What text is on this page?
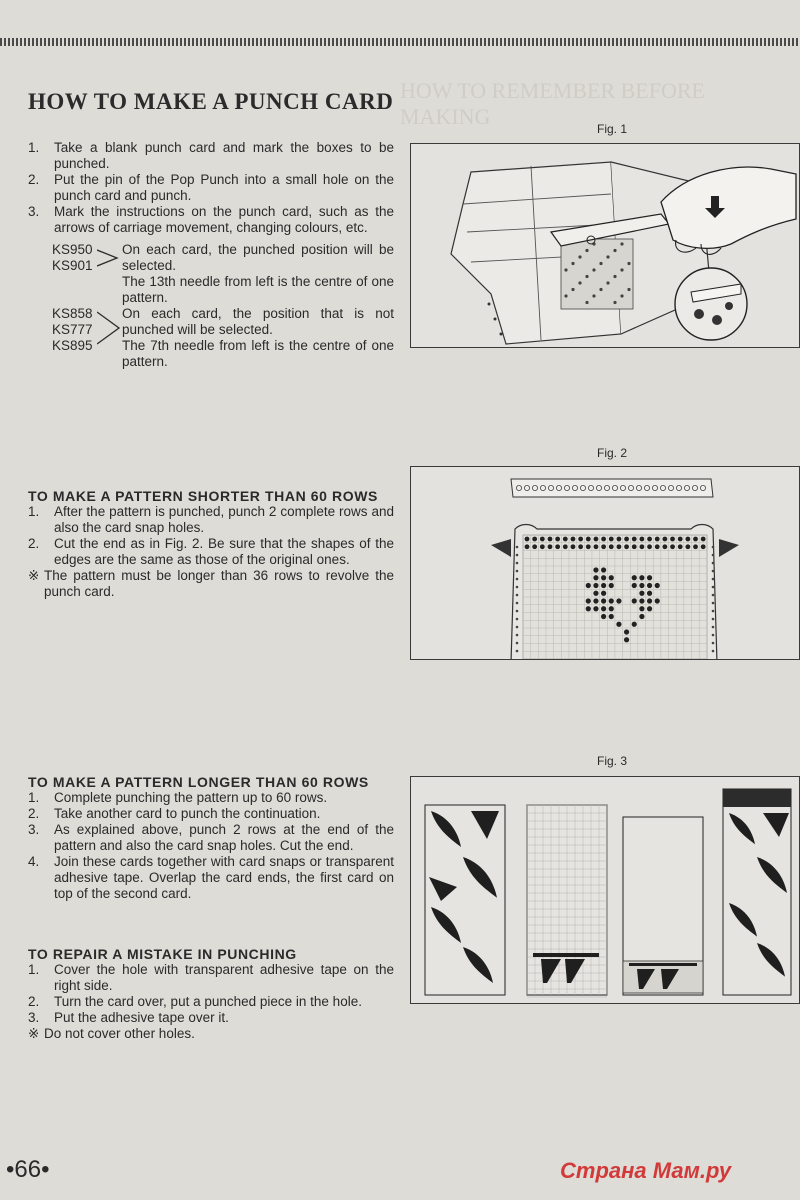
HOW TO REMEMBER BEFORE MAKING
HOW TO MAKE A PUNCH CARD
1. Take a blank punch card and mark the boxes to be punched.
2. Put the pin of the Pop Punch into a small hole on the punch card and punch.
3. Mark the instructions on the punch card, such as the arrows of carriage movement, changing colours, etc.
KS950
KS901
On each card, the punched position will be selected.
The 13th needle from left is the centre of one pattern.
KS858
KS777
KS895
On each card, the position that is not punched will be selected.
The 7th needle from left is the centre of one pattern.
TO MAKE A PATTERN SHORTER THAN 60 ROWS
1. After the pattern is punched, punch 2 complete rows and also the card snap holes.
2. Cut the end as in Fig. 2. Be sure that the shapes of the edges are the same as those of the original ones.
※ The pattern must be longer than 36 rows to revolve the punch card.
TO MAKE A PATTERN LONGER THAN 60 ROWS
1. Complete punching the pattern up to 60 rows.
2. Take another card to punch the continuation.
3. As explained above, punch 2 rows at the end of the pattern and also the card snap holes. Cut the end.
4. Join these cards together with card snaps or transparent adhesive tape. Overlap the card ends, the first card on top of the second card.
TO REPAIR A MISTAKE IN PUNCHING
1. Cover the hole with transparent adhesive tape on the right side.
2. Turn the card over, put a punched piece in the hole.
3. Put the adhesive tape over it.
※ Do not cover other holes.
Fig. 1
Fig. 2
Fig. 3
•66•	Страна Мам.ру
